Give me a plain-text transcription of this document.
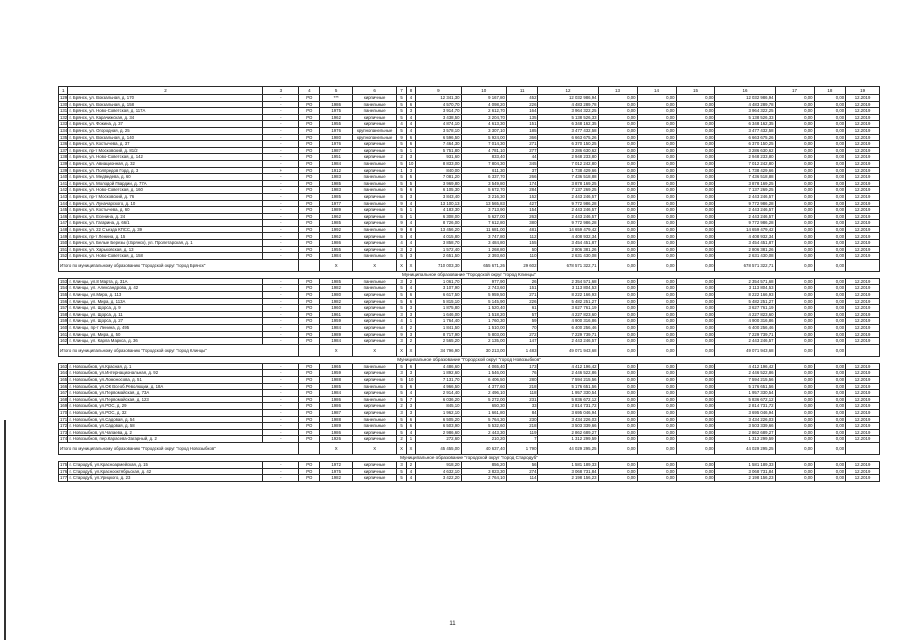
1	2	3	4	5	6	7	8	9	10	11	12	13	14	15	16	17	18	19
129	г. Брянск, ул. Вокзальная, д. 170	-	РО	***	кирпичные	5	4	12 341,30	9 167,80	452	12 032 986,94	0,00	0,00	0,00	12 032 986,94	0,00	0,00	12.2019
130	г. Брянск, ул. Вокзальная, д. 158	-	РО	1986	панельные	5	6	4 570,70	4 098,20	226	4 483 289,78	0,00	0,00	0,00	4 483 289,78	0,00	0,00	12.2019
131	г. Брянск, ул. Ново-Советская, д. 117А	-	РО	1975	панельные	5	3	3 914,70	2 612,70	164	3 964 322,25	0,00	0,00	0,00	3 964 322,25	0,00	0,00	12.2019
132	г. Брянск, ул. Карачижская, д. 34	-	РО	1962	кирпичные	5	4	3 438,50	3 204,70	135	5 138 526,33	0,00	0,00	0,00	5 138 526,33	0,00	0,00	12.2019
133	г. Брянск, ул. Фокина, д. 37	-	РО	1955	кирпичные	4	4	4 874,10	4 613,30	151	6 348 162,35	0,00	0,00	0,00	6 348 162,35	0,00	0,00	12.2019
134	г. Брянск, ул. Огородная, д. 25	-	РО	1976	крупнопанельные	5	4	3 578,10	3 307,10	185	3 477 432,58	0,00	0,00	0,00	3 477 432,58	0,00	0,00	12.2019
135	г. Брянск, ул. Вокзальная, д. 140	-	РО	1980	крупнопанельные	9	6	6 596,50	5 924,00	366	6 663 675,26	0,00	0,00	0,00	6 663 675,26	0,00	0,00	12.2019
136	г. Брянск, ул. Костычева, д. 37	-	РО	1976	кирпичные	5	6	7 464,30	7 014,30	271	6 370 150,25	0,00	0,00	0,00	6 370 150,25	0,00	0,00	12.2019
137	г. Брянск, пр-т Московский, д. 81/2	-	РО	1987	кирпичные	5	1	5 751,80	4 781,10	277	3 286 630,62	0,00	0,00	0,00	3 286 630,62	0,00	0,00	12.2019
138	г. Брянск, ул. Ново-Советская, д. 142	-	РО	1951	кирпичные	2	3	931,60	833,40	44	2 948 233,80	0,00	0,00	0,00	2 948 233,80	0,00	0,00	12.2019
139	г. Брянск, ул. Авиационная, д. 32	-	РО	1984	панельные	5	10	8 833,00	7 804,30	345	7 012 242,80	0,00	0,00	0,00	7 012 242,80	0,00	0,00	12.2019
139	г. Брянск, ул. Полпредов Горд, д. 3	+	РО	1912	кирпичные	1	3	840,00	611,30	37	1 738 429,66	0,00	0,00	0,00	1 738 429,66	0,00	0,00	12.2019
140	г. Брянск, ул. Медведева, д. 60	-	РО	1983	панельные	5	5	7 081,20	6 337,70	266	7 436 518,88	0,00	0,00	0,00	7 436 518,88	0,00	0,00	12.2019
141	г. Брянск, ул. Молодой Гвардии, д. 77А	-	РО	1985	панельные	5	5	3 969,80	3 549,80	174	3 878 169,25	0,00	0,00	0,00	3 878 169,25	0,00	0,00	12.2019
142	г. Брянск, ул. Ново-Советская, д. 160	-	РО	1983	панельные	5	6	6 105,30	5 672,70	284	7 137 269,25	0,00	0,00	0,00	7 137 269,25	0,00	0,00	12.2019
143	г. Брянск, пр-т Московский, д. 76	-	РО	1985	кирпичные	5	3	3 843,40	3 216,30	152	2 443 246,57	0,00	0,00	0,00	2 443 246,57	0,00	0,00	12.2019
144	г. Брянск, ул. Луначарского, д. 10	-	РО	1977	панельные	9	4	13 100,13	13 565,83	427	9 772 986,28	0,00	0,00	0,00	9 772 986,28	0,00	0,00	12.2019
145	г. Брянск, ул. Костычева, д. 60	-	РО	1989	кирпичные	5	1	4 183,30	3 713,90	154	2 443 246,57	0,00	0,00	0,00	2 443 246,57	0,00	0,00	12.2019
146	г. Брянск, ул. Есенина, д. 24	-	РО	1962	кирпичные	5	1	6 308,00	5 627,00	263	2 443 246,57	0,00	0,00	0,00	2 443 246,57	0,00	0,00	12.2019
147	г. Брянск, ул. Гагарина, д. 66/1	-	РО	1985	кирпичные	9	4	8 726,00	7 612,80	380	9 772 986,28	0,00	0,00	0,00	9 772 986,28	0,00	0,00	12.2019
148	г. Брянск, ул. 22 Съезда КПСС, д. 39	-	РО	1992	панельные	9	8	13 456,20	11 681,00	481	14 659 479,42	0,00	0,00	0,00	14 659 479,42	0,00	0,00	12.2019
149	г. Брянск, пр-т Ленина, д. 15	-	РО	1962	кирпичные	5	4	4 015,80	3 747,80	112	4 408 932,34	0,00	0,00	0,00	4 408 932,34	0,00	0,00	12.2019
150	г. Брянск, ул. Белые Березы (г.Брянск), ул. Пролетарская, д. 1	-	РО	1986	кирпичные	4	4	3 858,70	3 484,80	155	3 454 451,87	0,00	0,00	0,00	3 454 451,87	0,00	0,00	12.2019
151	г. Брянск, ул. Харьковская, д. 13	-	РО	1955	кирпичные	3	2	1 572,40	1 268,80	50	2 806 381,26	0,00	0,00	0,00	2 806 381,26	0,00	0,00	12.2019
152	г. Брянск, ул. Ново-Советская, д. 158	-	РО	1984	панельные	5	3	2 651,50	2 393,60	110	2 631 430,08	0,00	0,00	0,00	2 631 430,08	0,00	0,00	12.2019
Итого по муниципальному образованию "Городской округ "город Брянск"				X	X	X	X	710 003,30	655 671,26	29 602	678 571 322,71	0,00	0,00	0,00	678 571 322,71	0,00	0,00	
Муниципальное образование "Городской округ "город Клинцы"																		
153	г. Клинцы, ул.8 Марта, д. 31А	-	РО	1985	панельные	3	2	1 061,70	977,90	26	2 354 571,68	0,00	0,00	0,00	2 354 571,68	0,00	0,00	12.2019
154	г. Клинцы, ул. Александрова, д. 42	-	РО	1982	панельные	5	4	3 107,90	2 743,60	151	3 113 804,53	0,00	0,00	0,00	3 113 804,53	0,00	0,00	12.2019
155	г. Клинцы, ул.Мира, д. 113	-	РО	1980	кирпичные	5	6	6 617,50	5 959,50	271	8 222 166,93	0,00	0,00	0,00	8 222 166,93	0,00	0,00	12.2019
156	г. Клинцы, ул. Мира, д. 113А	-	РО	1982	кирпичные	5	6	5 815,10	5 145,90	226	5 482 251,27	0,00	0,00	0,00	5 482 251,27	0,00	0,00	12.2019
157	г. Клинцы, ул. Щорса, д. 9	-	РО	1960	кирпичные	5	3	1 875,80	1 520,40	61	3 627 761,19	0,00	0,00	0,00	3 627 761,19	0,00	0,00	12.2019
158	г. Клинцы, ул. Щорса, д. 11	-	РО	1961	кирпичные	3	3	1 646,00	1 518,20	57	4 227 823,60	0,00	0,00	0,00	4 227 823,60	0,00	0,00	12.2019
159	г. Клинцы, ул. Щорса, д. 27	-	РО	1959	кирпичные	4	1	1 764,40	1 760,30	59	4 900 316,86	0,00	0,00	0,00	4 900 316,86	0,00	0,00	12.2019
160	г. Клинцы, пр-т Ленина, д. 495	-	РО	1984	кирпичные	4	2	1 841,50	1 510,00	70	6 400 256,46	0,00	0,00	0,00	6 400 256,46	0,00	0,00	12.2019
161	г. Клинцы, ул. Мира, д. 50	-	РО	1989	кирпичные	9	3	8 717,90	5 803,00	272	7 229 739,71	0,00	0,00	0,00	7 229 739,71	0,00	0,00	12.2019
162	г. Клинцы, ул. Карла Маркса, д. 36	-	РО	1984	кирпичные	3	2	2 565,20	2 135,00	147	2 443 246,57	0,00	0,00	0,00	2 443 246,57	0,00	0,00	12.2019
Итого по муниципальному образованию "Городской округ "город Клинцы"				X	X	X	X	34 796,90	30 213,00	1 483	49 071 943,68	0,00	0,00	0,00	49 071 943,68	0,00	0,00	
Муниципальное образование "Городской округ "город Новозыбков"																		
163	г. Новозыбков, ул.Красная, д. 1	-	РО	1965	панельные	5	6	4 486,60	4 065,40	173	4 412 196,42	0,00	0,00	0,00	4 412 196,42	0,00	0,00	12.2019
164	г. Новозыбков, ул.Интернациональная, д. 92	-	РО	1959	кирпичные	3	3	1 892,60	1 546,00	76	2 446 522,86	0,00	0,00	0,00	2 446 522,86	0,00	0,00	12.2019
165	г. Новозыбков, ул.Ломоносова, д. 51	-	РО	1988	кирпичные	5	10	7 131,70	6 406,50	280	7 594 215,56	0,00	0,00	0,00	7 594 215,56	0,00	0,00	12.2019
166	г. Новозыбков, ул.ОК Всеоб.Революции, д. 18А	-	РО	1985	панельные	5	6	4 966,50	4 377,60	218	5 176 651,56	0,00	0,00	0,00	5 176 651,56	0,00	0,00	12.2019
167	г. Новозыбков, ул.Первомайская, д. 73А	-	РО	1984	кирпичные	5	4	2 914,40	2 496,10	118	1 957 330,54	0,00	0,00	0,00	1 957 330,54	0,00	0,00	12.2019
168	г. Новозыбков, ул.Первомайская, д. 123	-	РО	1986	панельные	5	7	6 036,20	5 272,00	231	5 836 672,12	0,00	0,00	0,00	5 836 672,12	0,00	0,00	12.2019
169	г. Новозыбков, ул.РОС, д. 29	-	РО	1986	кирпичные	2	3	845,10	650,30	33	2 814 731,72	0,00	0,00	0,00	2 814 731,72	0,00	0,00	12.2019
170	г. Новозыбков, ул.РОС, д. 32	-	РО	1987	кирпичные	3	3	1 962,10	1 661,80	84	3 695 046,94	0,00	0,00	0,00	3 695 046,94	0,00	0,00	12.2019
171	г. Новозыбков, ул.Садовая, д. 54	-	РО	1988	панельные	5	6	6 505,20	5 764,30	230	3 434 226,03	0,00	0,00	0,00	3 434 226,03	0,00	0,00	12.2019
172	г. Новозыбков, ул.Садовая, д. 58	-	РО	1989	панельные	5	6	6 503,90	5 532,60	218	3 503 339,66	0,00	0,00	0,00	3 503 339,66	0,00	0,00	12.2019
173	г. Новозыбков, ул.Чапаева, д. 2	-	РО	1986	кирпичные	5	4	2 986,60	2 443,30	119	2 862 689,27	0,00	0,00	0,00	2 862 689,27	0,00	0,00	12.2019
174	г. Новозыбков, пер.Карасева-Загарный, д. 2	-	РО	1926	кирпичные	2	1	272,60	210,20	7	1 312 299,59	0,00	0,00	0,00	1 312 299,59	0,00	0,00	12.2019
Итого по муниципальному образованию "Городской округ "город Новозыбков"				X	X	X	X	45 455,00	40 637,40	1 790	44 029 295,25	0,00	0,00	0,00	44 029 295,25	0,00	0,00	
Муниципальное образование "городской округ "город Стародуб"																		
175	г. Стародуб, ул.Красноармейская, д. 15	-	РО	1972	кирпичные	3	2	918,20	856,20	56	1 581 189,33	0,00	0,00	0,00	1 581 189,33	0,00	0,00	12.2019
176	г. Стародуб, ул.Краснооктябрьская, д. 42	-	РО	1975	кирпичные	5	4	4 632,10	3 823,30	274	3 068 731,84	0,00	0,00	0,00	3 068 731,84	0,00	0,00	12.2019
177	г. Стародуб, ул.Урицкого, д. 23	-	РО	1982	кирпичные	5	4	3 422,20	2 764,10	114	2 198 156,23	0,00	0,00	0,00	2 198 156,23	0,00	0,00	12.2019
11
